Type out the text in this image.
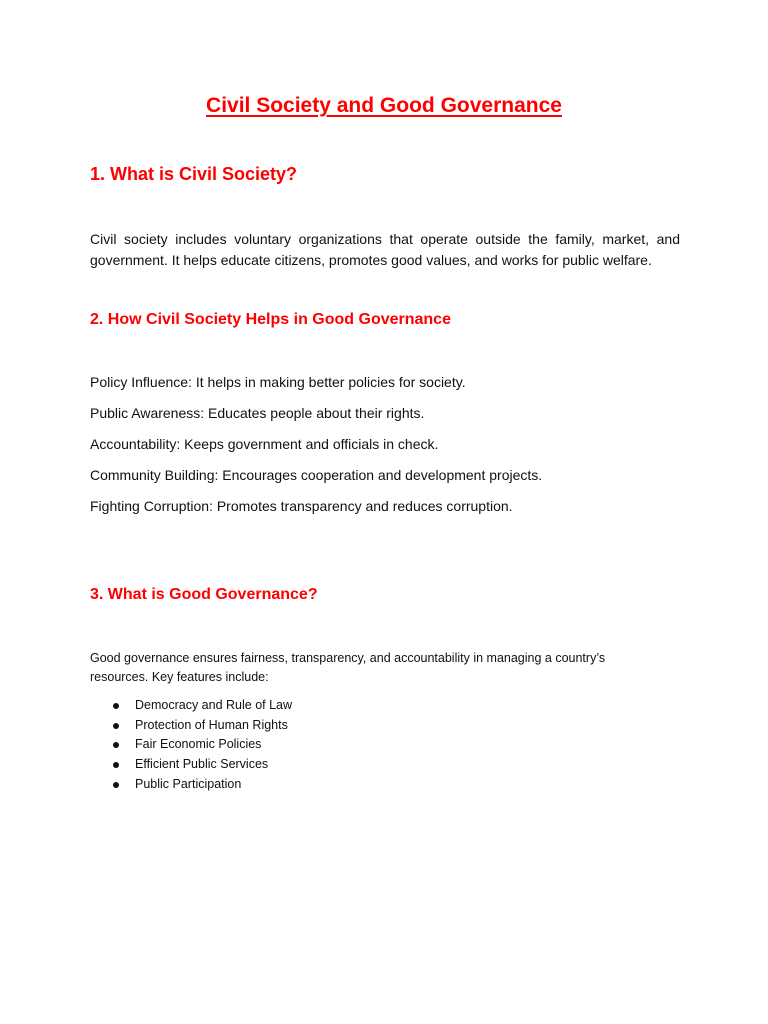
Civil Society and Good Governance
1. What is Civil Society?

Civil society includes voluntary organizations that operate outside the family, market, and government. It helps educate citizens, promotes good values, and works for public welfare.

2. How Civil Society Helps in Good Governance
Policy Influence: It helps in making better policies for society.
Public Awareness: Educates people about their rights.
Accountability: Keeps government and officials in check.
Community Building: Encourages cooperation and development projects.
Fighting Corruption: Promotes transparency and reduces corruption.
3. What is Good Governance?

Good governance ensures fairness, transparency, and accountability in managing a country’s resources. Key features include:

Democracy and Rule of Law
Protection of Human Rights
Fair Economic Policies
Efficient Public Services
Public Participation
